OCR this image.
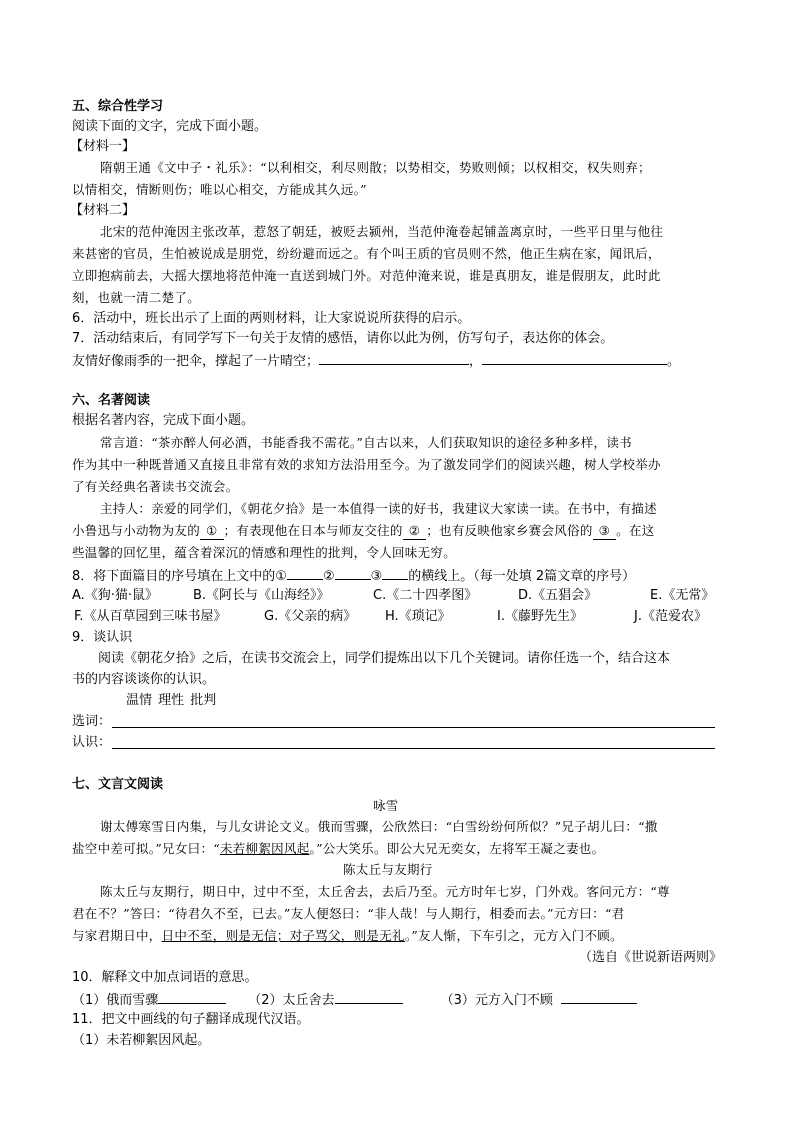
五、综合性学习
阅读下面的文字，完成下面小题。
【材料一】
隋朝王通《文中子・礼乐》：“以利相交，利尽则散；以势相交，势败则倾；以权相交，权失则弃；
以情相交，情断则伤；唯以心相交，方能成其久远。”
【材料二】
北宋的范仲淹因主张改革，惹怒了朝廷，被贬去颍州，当范仲淹卷起铺盖离京时，一些平日里与他往
来甚密的官员，生怕被说成是朋党，纷纷避而远之。有个叫王质的官员则不然，他正生病在家，闻讯后，
立即抱病前去，大摇大摆地将范仲淹一直送到城门外。对范仲淹来说，谁是真朋友，谁是假朋友，此时此
刻，也就一清二楚了。
6．活动中，班长出示了上面的两则材料，让大家说说所获得的启示。
7．活动结束后，有同学写下一句关于友情的感悟，请你以此为例，仿写句子，表达你的体会。
友情好像雨季的一把伞，撑起了一片晴空；	，	。
六、名著阅读
根据名著内容，完成下面小题。
常言道：“茶亦醉人何必酒，书能香我不需花。”自古以来，人们获取知识的途径多种多样，读书
作为其中一种既普通又直接且非常有效的求知方法沿用至今。为了激发同学们的阅读兴趣，树人学校举办
了有关经典名著读书交流会。
主持人：亲爱的同学们，《朝花夕拾》是一本值得一读的好书，我建议大家读一读。在书中，有描述
小鲁迅与小动物为友的 ① ；有表现他在日本与师友交往的 ② ；也有反映他家乡赛会风俗的 ③ 。在这
些温馨的回忆里，蕴含着深沉的情感和理性的批判，令人回味无穷。
8．将下面篇目的序号填在上文中的①	②	③ 的横线上。（每一处填 2篇文章的序号）
A.《狗·猫·鼠》	B.《阿长与《山海经》》	C.《二十四孝图》	D.《五猖会》	E.《无常》
F.《从百草园到三味书屋》	G.《父亲的病》 H.《琐记》	I.《藤野先生》	J.《范爱农》
9．谈认识
阅读《朝花夕拾》之后，在读书交流会上，同学们提炼出以下几个关键词。请你任选一个，结合这本
书的内容谈谈你的认识。
温情 理性 批判
选词：
认识：
七、文言文阅读
咏雪
谢太傅寒雪日内集，与儿女讲论文义。俄而雪骤，公欣然曰：“白雪纷纷何所似？”兄子胡儿曰：“撒
盐空中差可拟。”兄女曰：“未若柳絮因风起。”公大笑乐。即公大兄无奕女，左将军王凝之妻也。
陈太丘与友期行
陈太丘与友期行，期日中，过中不至，太丘舍去，去后乃至。元方时年七岁，门外戏。客问元方：“尊
君在不？”答曰：“待君久不至，已去。”友人便怒曰：“非人哉！与人期行，相委而去。”元方曰：“君
与家君期日中，日中不至，则是无信；对子骂父，则是无礼。”友人惭，下车引之，元方入门不顾。
（选自《世说新语两则》
10．解释文中加点词语的意思。
（1）俄而雪骤	（2）太丘舍去	（3）元方入门不顾
11．把文中画线的句子翻译成现代汉语。
（1）未若柳絮因风起。
